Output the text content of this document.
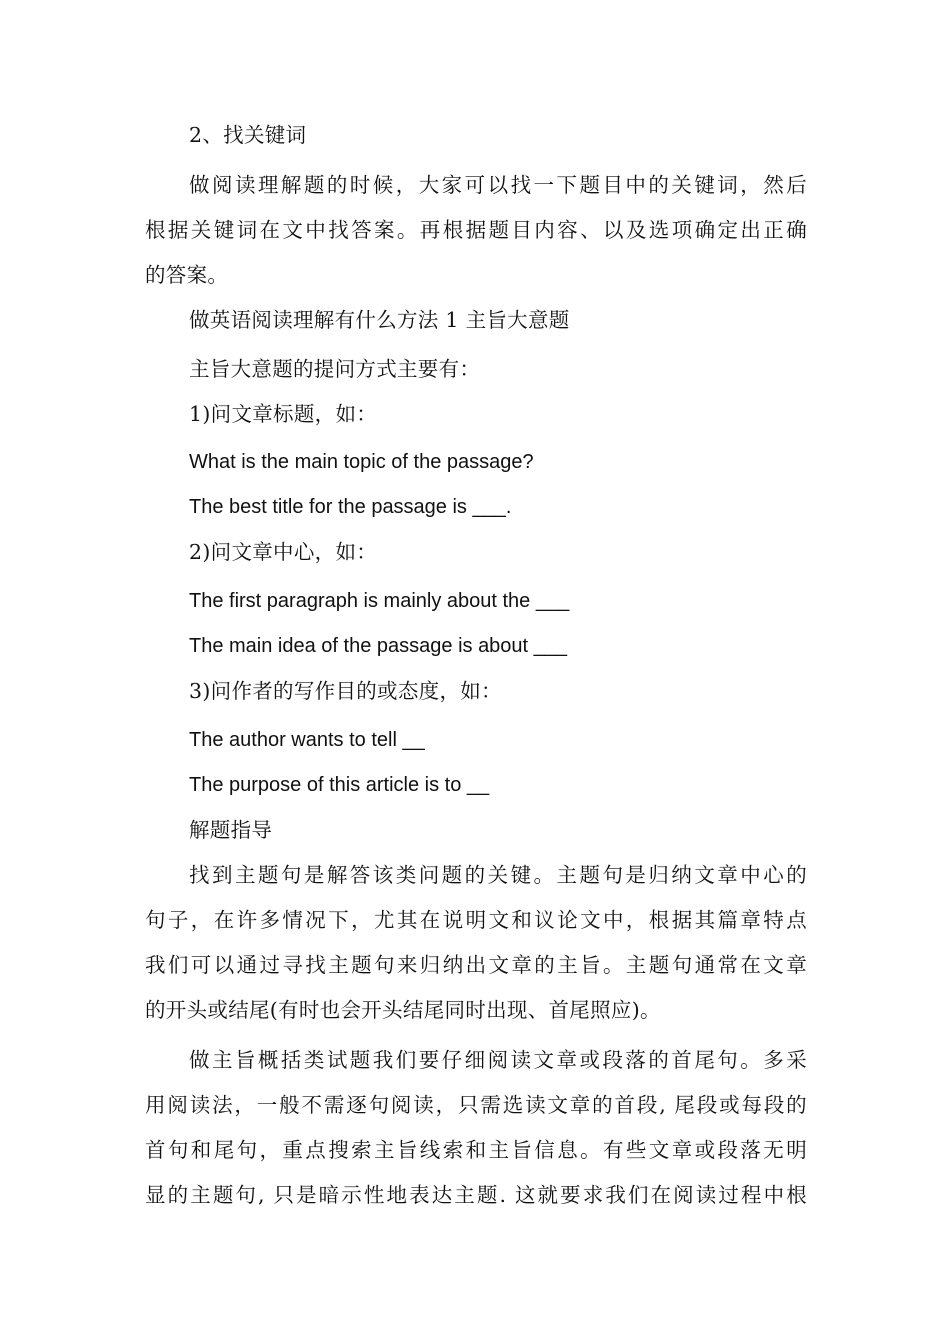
2、找关键词
做阅读理解题的时候，大家可以找一下题目中的关键词，然后
根据关键词在文中找答案。再根据题目内容、以及选项确定出正确
的答案。
做英语阅读理解有什么方法 1 主旨大意题
主旨大意题的提问方式主要有：
1)问文章标题，如：
What is the main topic of the passage?
The best title for the passage is ___.
2)问文章中心，如：
The first paragraph is mainly about the ___
The main idea of the passage is about ___
3)问作者的写作目的或态度，如：
The author wants to tell __
The purpose of this article is to __
解题指导
找到主题句是解答该类问题的关键。主题句是归纳文章中心的
句子，在许多情况下，尤其在说明文和议论文中，根据其篇章特点
我们可以通过寻找主题句来归纳出文章的主旨。主题句通常在文章
的开头或结尾(有时也会开头结尾同时出现、首尾照应)。
做主旨概括类试题我们要仔细阅读文章或段落的首尾句。多采
用阅读法，一般不需逐句阅读，只需选读文章的首段, 尾段或每段的
首句和尾句，重点搜索主旨线索和主旨信息。有些文章或段落无明
显的主题句, 只是暗示性地表达主题. 这就要求我们在阅读过程中根
